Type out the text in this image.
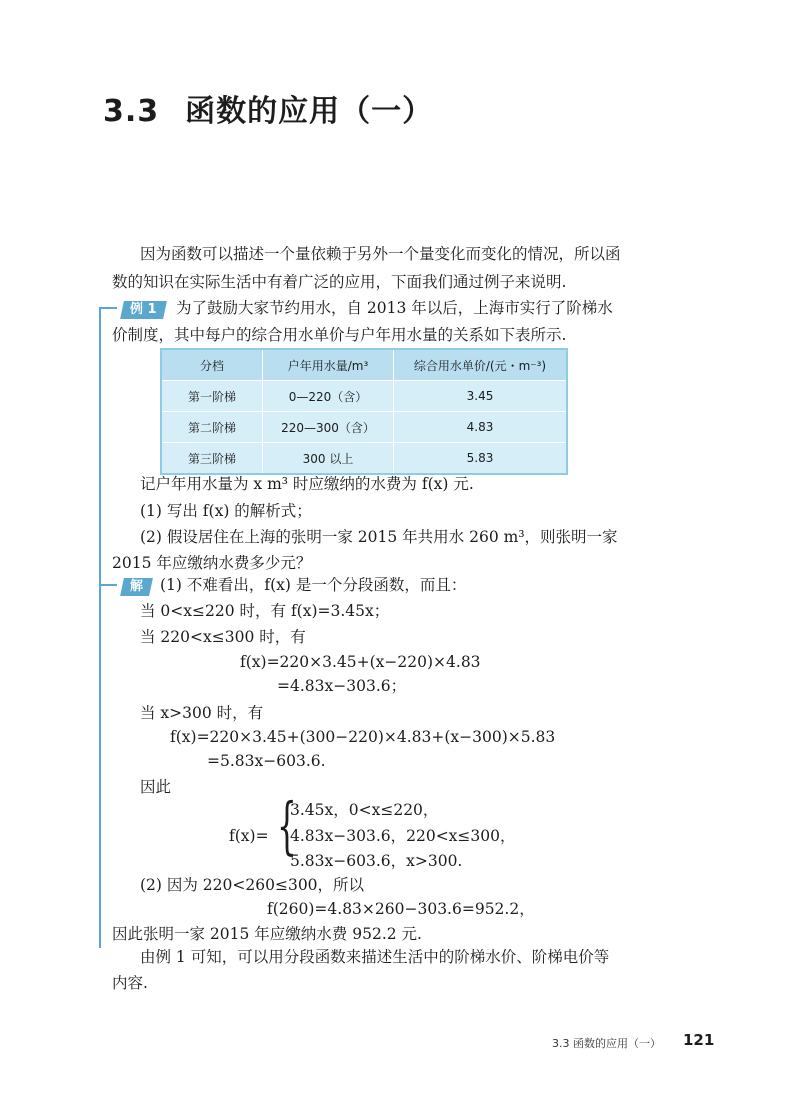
3.3 函数的应用（一）
因为函数可以描述一个量依赖于另外一个量变化而变化的情况，所以函
数的知识在实际生活中有着广泛的应用，下面我们通过例子来说明.
例 1	为了鼓励大家节约用水，自 2013 年以后，上海市实行了阶梯水
价制度，其中每户的综合用水单价与户年用水量的关系如下表所示.
分档	户年用水量/m³	综合用水单价/(元・m⁻³)
第一阶梯	0—220（含）	3.45
第二阶梯	220—300（含）	4.83
第三阶梯	300 以上	5.83
记户年用水量为 x m³ 时应缴纳的水费为 f(x) 元.
(1) 写出 f(x) 的解析式；
(2) 假设居住在上海的张明一家 2015 年共用水 260 m³，则张明一家
2015 年应缴纳水费多少元？
解	(1) 不难看出，f(x) 是一个分段函数，而且：
当 0<x≤220 时，有 f(x)=3.45x；
当 220<x≤300 时，有
f(x)=220×3.45+(x−220)×4.83
=4.83x−303.6；
当 x>300 时，有
f(x)=220×3.45+(300−220)×4.83+(x−300)×5.83
=5.83x−603.6.
因此
f(x)= {
3.45x，0<x≤220，
4.83x−303.6，220<x≤300，
5.83x−603.6，x>300.
(2) 因为 220<260≤300，所以
f(260)=4.83×260−303.6=952.2，
因此张明一家 2015 年应缴纳水费 952.2 元.
由例 1 可知，可以用分段函数来描述生活中的阶梯水价、阶梯电价等
内容.
3.3 函数的应用（一） 121
